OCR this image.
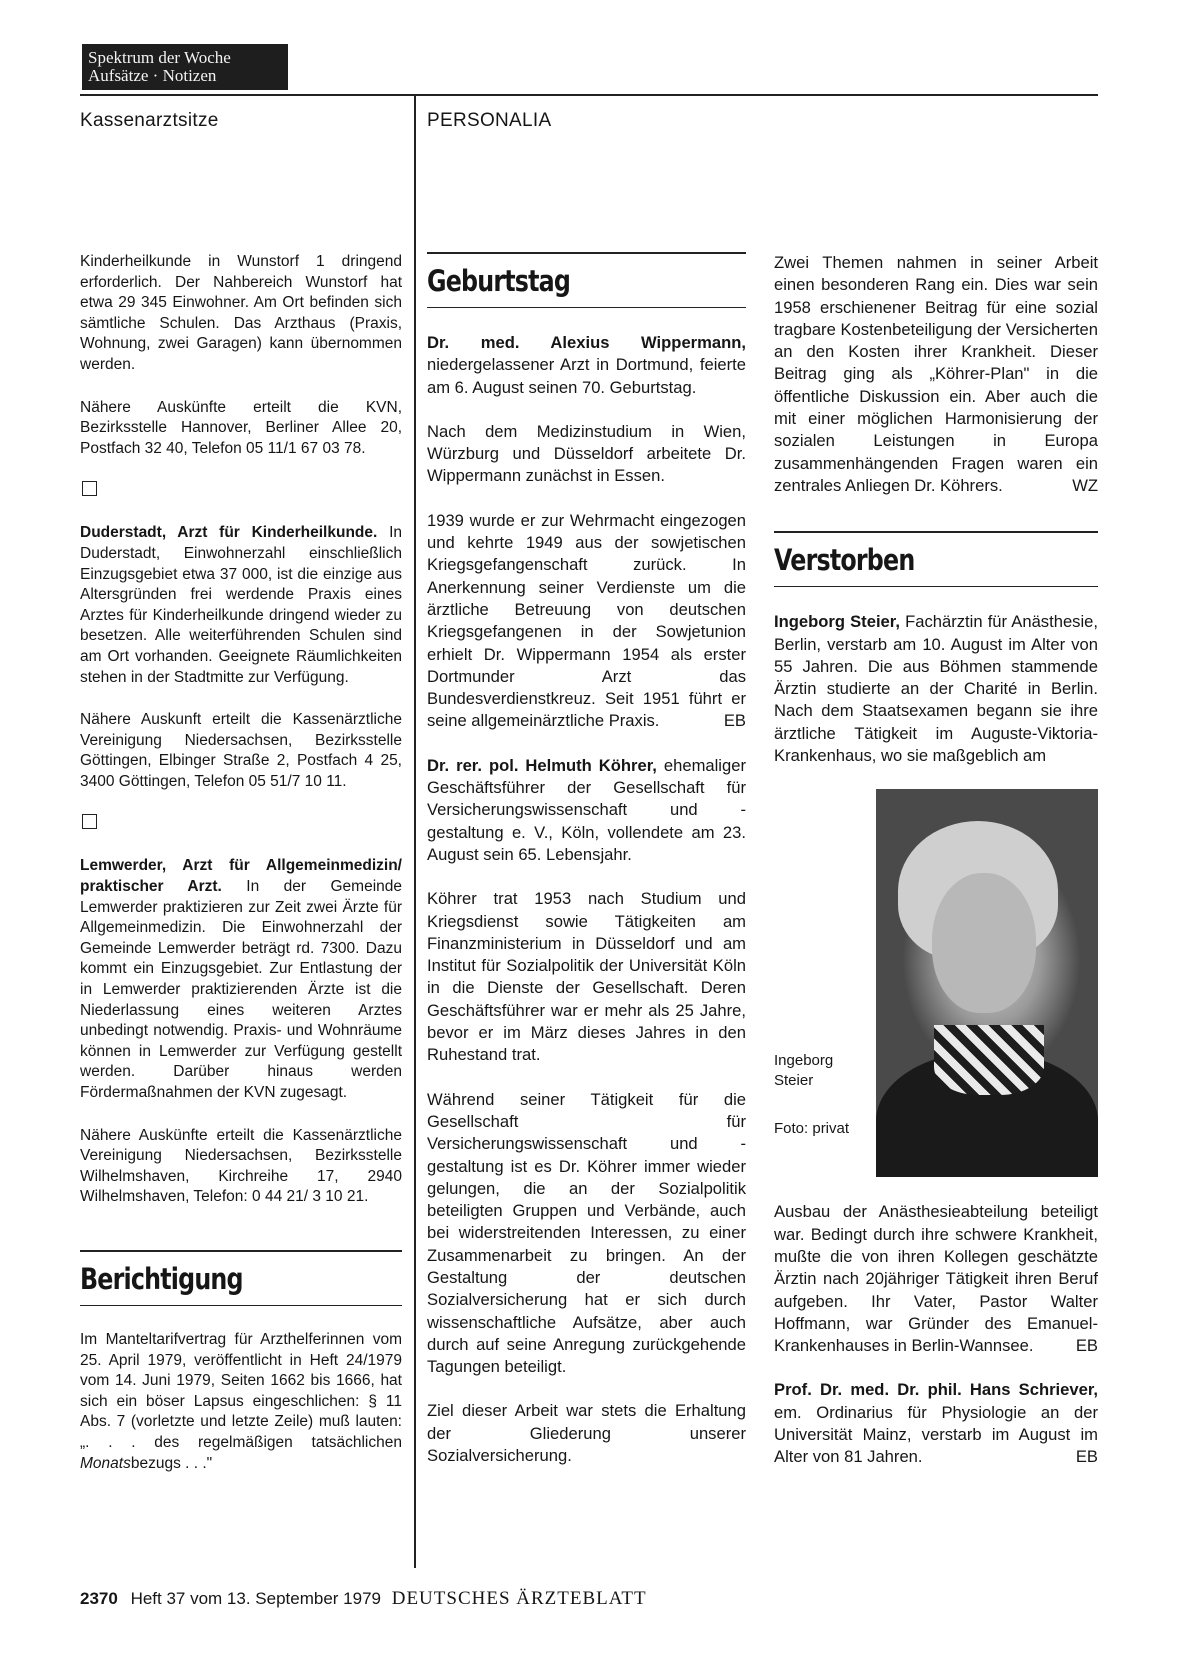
Spektrum der Woche
Aufsätze · Notizen
Kassenarztsitze	PERSONALIA

Kinderheilkunde in Wunstorf 1 dringend erforderlich. Der Nahbereich Wunstorf hat etwa 29 345 Einwohner. Am Ort befinden sich sämtliche Schulen. Das Arzthaus (Praxis, Wohnung, zwei Garagen) kann übernommen werden.

Nähere Auskünfte erteilt die KVN, Bezirksstelle Hannover, Berliner Allee 20, Postfach 32 40, Telefon 05 11/1 67 03 78.

Duderstadt, Arzt für Kinderheilkunde. In Duderstadt, Einwohnerzahl einschließlich Einzugsgebiet etwa 37 000, ist die einzige aus Altersgründen frei werdende Praxis eines Arztes für Kinderheilkunde dringend wieder zu besetzen. Alle weiterführenden Schulen sind am Ort vorhanden. Geeignete Räumlichkeiten stehen in der Stadtmitte zur Verfügung.

Nähere Auskunft erteilt die Kassenärztliche Vereinigung Niedersachsen, Bezirksstelle Göttingen, Elbinger Straße 2, Postfach 4 25, 3400 Göttingen, Telefon 05 51/7 10 11.

Lemwerder, Arzt für Allgemeinmedizin/ praktischer Arzt. In der Gemeinde Lemwerder praktizieren zur Zeit zwei Ärzte für Allgemeinmedizin. Die Einwohnerzahl der Gemeinde Lemwerder beträgt rd. 7300. Dazu kommt ein Einzugsgebiet. Zur Entlastung der in Lemwerder praktizierenden Ärzte ist die Niederlassung eines weiteren Arztes unbedingt notwendig. Praxis- und Wohnräume können in Lemwerder zur Verfügung gestellt werden. Darüber hinaus werden Fördermaßnahmen der KVN zugesagt.

Nähere Auskünfte erteilt die Kassenärztliche Vereinigung Niedersachsen, Bezirksstelle Wilhelmshaven, Kirchreihe 17, 2940 Wilhelmshaven, Telefon: 0 44 21/ 3 10 21.

Berichtigung

Im Manteltarifvertrag für Arzthelferinnen vom 25. April 1979, veröffentlicht in Heft 24/1979 vom 14. Juni 1979, Seiten 1662 bis 1666, hat sich ein böser Lapsus eingeschlichen: § 11 Abs. 7 (vorletzte und letzte Zeile) muß lauten: „. . . des regelmäßigen tatsächlichen Monatsbezugs . . ."

Geburtstag

Dr. med. Alexius Wippermann, niedergelassener Arzt in Dortmund, feierte am 6. August seinen 70. Geburtstag.

Nach dem Medizinstudium in Wien, Würzburg und Düsseldorf arbeitete Dr. Wippermann zunächst in Essen.

1939 wurde er zur Wehrmacht eingezogen und kehrte 1949 aus der sowjetischen Kriegsgefangenschaft zurück. In Anerkennung seiner Verdienste um die ärztliche Betreuung von deutschen Kriegsgefangenen in der Sowjetunion erhielt Dr. Wippermann 1954 als erster Dortmunder Arzt das Bundesverdienstkreuz. Seit 1951 führt er seine allgemeinärztliche Praxis.	EB

Dr. rer. pol. Helmuth Köhrer, ehemaliger Geschäftsführer der Gesellschaft für Versicherungswissenschaft und -gestaltung e. V., Köln, vollendete am 23. August sein 65. Lebensjahr.

Köhrer trat 1953 nach Studium und Kriegsdienst sowie Tätigkeiten am Finanzministerium in Düsseldorf und am Institut für Sozialpolitik der Universität Köln in die Dienste der Gesellschaft. Deren Geschäftsführer war er mehr als 25 Jahre, bevor er im März dieses Jahres in den Ruhestand trat.

Während seiner Tätigkeit für die Gesellschaft für Versicherungswissenschaft und -gestaltung ist es Dr. Köhrer immer wieder gelungen, die an der Sozialpolitik beteiligten Gruppen und Verbände, auch bei widerstreitenden Interessen, zu einer Zusammenarbeit zu bringen. An der Gestaltung der deutschen Sozialversicherung hat er sich durch wissenschaftliche Aufsätze, aber auch durch auf seine Anregung zurückgehende Tagungen beteiligt.

Ziel dieser Arbeit war stets die Erhaltung der Gliederung unserer Sozialversicherung.

Zwei Themen nahmen in seiner Arbeit einen besonderen Rang ein. Dies war sein 1958 erschienener Beitrag für eine sozial tragbare Kostenbeteiligung der Versicherten an den Kosten ihrer Krankheit. Dieser Beitrag ging als „Köhrer-Plan" in die öffentliche Diskussion ein. Aber auch die mit einer möglichen Harmonisierung der sozialen Leistungen in Europa zusammenhängenden Fragen waren ein zentrales Anliegen Dr. Köhrers.	WZ

Verstorben

Ingeborg Steier, Fachärztin für Anästhesie, Berlin, verstarb am 10. August im Alter von 55 Jahren. Die aus Böhmen stammende Ärztin studierte an der Charité in Berlin. Nach dem Staatsexamen begann sie ihre ärztliche Tätigkeit im Auguste-Viktoria-Krankenhaus, wo sie maßgeblich am

Ingeborg Steier
Foto: privat

Ausbau der Anästhesieabteilung beteiligt war. Bedingt durch ihre schwere Krankheit, mußte die von ihren Kollegen geschätzte Ärztin nach 20jähriger Tätigkeit ihren Beruf aufgeben. Ihr Vater, Pastor Walter Hoffmann, war Gründer des Emanuel-Krankenhauses in Berlin-Wannsee.	EB

Prof. Dr. med. Dr. phil. Hans Schriever, em. Ordinarius für Physiologie an der Universität Mainz, verstarb im August im Alter von 81 Jahren.	EB

2370 Heft 37 vom 13. September 1979 DEUTSCHES ÄRZTEBLATT
